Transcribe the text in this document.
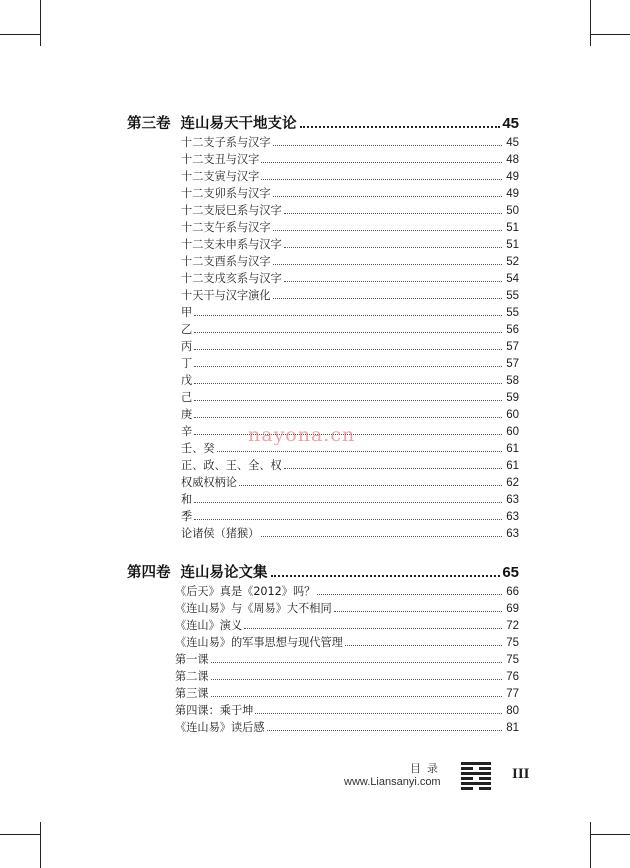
第三卷 连山易天干地支论	45
十二支子系与汉字	45
十二支丑与汉字	48
十二支寅与汉字	49
十二支卯系与汉字	49
十二支辰巳系与汉字	50
十二支午系与汉字	51
十二支未申系与汉字	51
十二支酉系与汉字	52
十二支戌亥系与汉字	54
十天干与汉字演化	55
甲	55
乙	56
丙	57
丁	57
戊	58
己	59
庚	60
辛	60
壬、癸	61
正、政、王、全、权	61
权威权柄论	62
和	63
季	63
论诸侯（猪猴）	63
第四卷 连山易论文集	65
《后天》真是《2012》吗？	66
《连山易》与《周易》大不相同	69
《连山》演义	72
《连山易》的军事思想与现代管理	75
第一课	75
第二课	76
第三课	77
第四课：乘于坤	80
《连山易》读后感	81
nayona.cn
目录
www.Liansanyi.com	III
